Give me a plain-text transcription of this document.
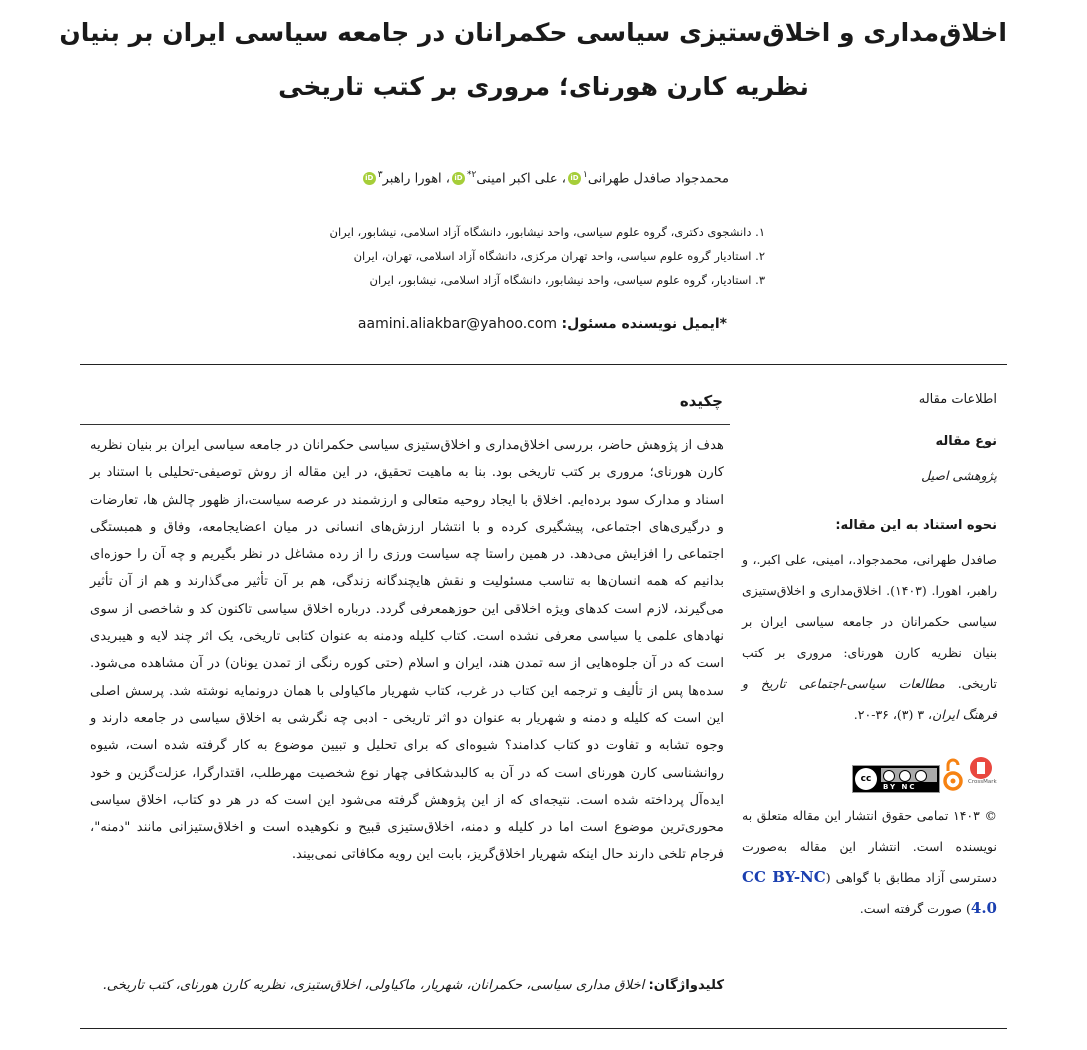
اخلاق‌مداری و اخلاق‌ستیزی سیاسی حکمرانان در جامعه سیاسی ایران بر بنیان
نظریه کارن هورنای؛ مروری بر کتب تاریخی
محمدجواد صافدل طهرانی$^۱$iD، علی اکبر امینی$^{۲*}$iD، اهورا راهبر$^۳$iD
۱. دانشجوی دکتری، گروه علوم سیاسی، واحد نیشابور، دانشگاه آزاد اسلامی، نیشابور، ایران
۲. استادیار گروه علوم سیاسی، واحد تهران مرکزی، دانشگاه آزاد اسلامی، تهران، ایران
۳. استادیار، گروه علوم سیاسی، واحد نیشابور، دانشگاه آزاد اسلامی، نیشابور، ایران
*ایمیل نویسنده مسئول: aamini.aliakbar@yahoo.com
اطلاعات مقاله
چکیده
هدف از پژوهش حاضر، بررسی اخلاق‌مداری و اخلاق‌ستیزی سیاسی حکمرانان در جامعه سیاسی ایران بر بنیان نظریه کارن هورنای؛ مروری بر کتب تاریخی بود. بنا به ماهیت تحقیق، در این مقاله از روش توصیفی-تحلیلی با استناد بر اسناد و مدارک سود برده‌ایم. اخلاق با ایجاد روحیه متعالی و ارزشمند در عرصه سیاست،از ظهور چالش ها، تعارضات و درگیری‌های اجتماعی، پیشگیری کرده و با انتشار ارزش‌های انسانی در میان اعضایجامعه، وفاق و همبستگی اجتماعی را افزایش می‌دهد. در همین راستا چه سیاست ورزی را از رده مشاغل در نظر بگیریم و چه آن را حوزه‌ای بدانیم که همه انسان‌ها به تناسب مسئولیت و نقش هایچندگانه زندگی، هم بر آن تأثیر می‌گذارند و هم از آن تأثیر می‌گیرند، لازم است کدهای ویژه اخلاقی این حوزهمعرفی گردد. درباره اخلاق سیاسی تاکنون کد و شاخصی از سوی نهادهای علمی یا سیاسی معرفی نشده است. کتاب کلیله ودمنه به عنوان کتابی تاریخی، یک اثر چند لایه و هیبریدی است که در آن جلوه‌هایی از سه تمدن هند، ایران و اسلام (حتی کوره رنگی از تمدن یونان) در آن مشاهده می‌شود. سده‌ها پس از تألیف و ترجمه این کتاب در غرب، کتاب شهریار ماکیاولی با همان درونمایه نوشته شد. پرسش اصلی این است که کلیله و دمنه و شهریار به عنوان دو اثر تاریخی - ادبی چه نگرشی به اخلاق سیاسی در جامعه دارند و وجوه تشابه و تفاوت دو کتاب کدامند؟ شیوه‌ای که برای تحلیل و تبیین موضوع به کار گرفته شده است، شیوه روانشناسی کارن هورنای است که در آن به کالبدشکافی چهار نوع شخصیت مهرطلب، اقتدارگرا، عزلت‌گزین و خود ایده‌آل پرداخته شده است. نتیجه‌ای که از این پژوهش گرفته می‌شود این است که در هر دو کتاب، اخلاق سیاسی محوری‌ترین موضوع است اما در کلیله و دمنه، اخلاق‌ستیزی قبیح و نکوهیده است و اخلاق‌ستیزانی مانند "دمنه"، فرجام تلخی دارند حال اینکه شهریار اخلاق‌گریز، بابت این رویه مکافاتی نمی‌بیند.
کلیدواژگان: اخلاق مداری سیاسی، حکمرانان، شهریار، ماکیاولی، اخلاق‌ستیزی، نظریه کارن هورنای، کتب تاریخی.
نوع مقاله
پژوهشی اصیل
نحوه استناد به این مقاله:
صافدل طهرانی، محمدجواد.، امینی، علی اکبر.، و راهبر، اهورا. (۱۴۰۳). اخلاق‌مداری و اخلاق‌ستیزی سیاسی حکمرانان در جامعه سیاسی ایران بر بنیان نظریه کارن هورنای: مروری بر کتب تاریخی. مطالعات سیاسی-اجتماعی تاریخ و فرهنگ ایران، ۳ (۳)، ۳۶-۲۰.
cc
BY NC
CrossMark
© ۱۴۰۳ تمامی حقوق انتشار این مقاله متعلق به نویسنده است. انتشار این مقاله به‌صورت دسترسی آزاد مطابق با گواهی (CC BY-NC 4.0) صورت گرفته است.
